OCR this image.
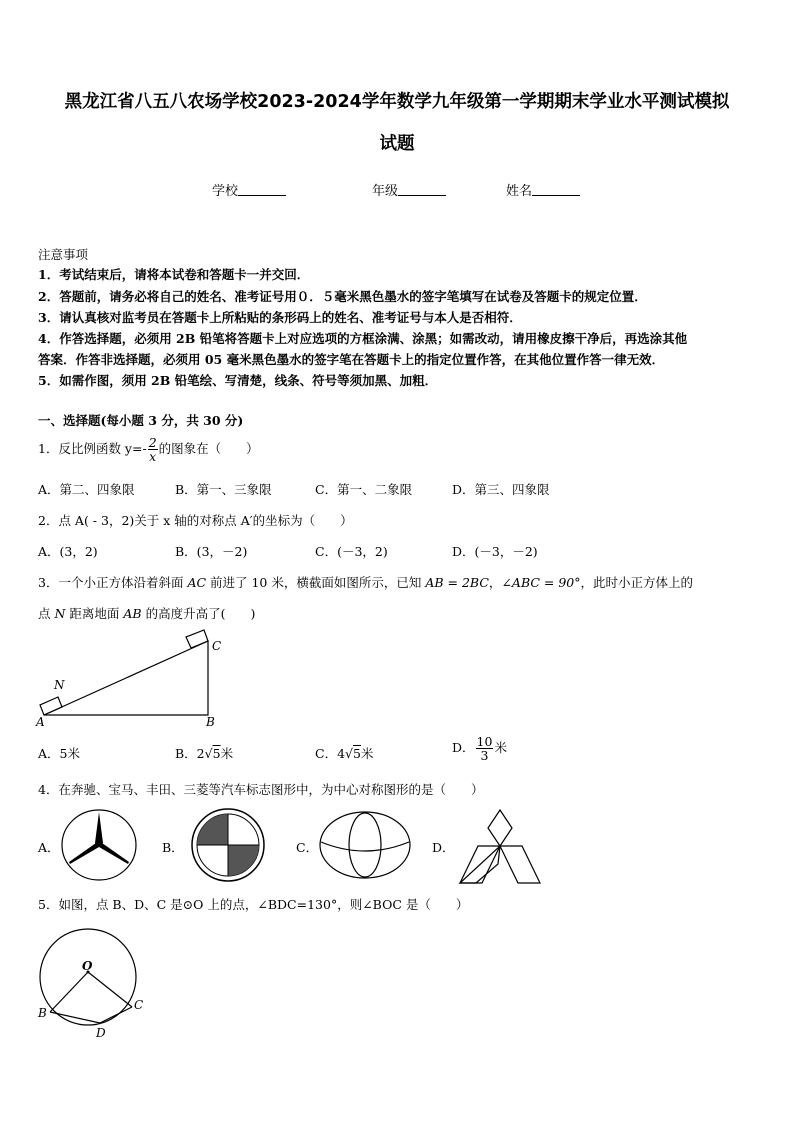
黑龙江省八五八农场学校2023-2024学年数学九年级第一学期期末学业水平测试模拟
试题
学校	年级	姓名
注意事项
1．考试结束后，请将本试卷和答题卡一并交回．
2．答题前，请务必将自己的姓名、准考证号用０．５毫米黑色墨水的签字笔填写在试卷及答题卡的规定位置．
3．请认真核对监考员在答题卡上所粘贴的条形码上的姓名、准考证号与本人是否相符．
4．作答选择题，必须用 2B 铅笔将答题卡上对应选项的方框涂满、涂黑；如需改动，请用橡皮擦干净后，再选涂其他
答案．作答非选择题，必须用 05 毫米黑色墨水的签字笔在答题卡上的指定位置作答，在其他位置作答一律无效．
5．如需作图，须用 2B 铅笔绘、写清楚，线条、符号等须加黑、加粗．
一、选择题(每小题 3 分，共 30 分)
1．反比例函数 $y=- \frac{2}{x}$ 的图象在（　　）
A．第二、四象限	B．第一、三象限	C．第一、二象限	D．第三、四象限
2．点 A( - 3，2)关于 x 轴的对称点 A′的坐标为（　　）
A．(3，2)	B．(3，－2)	C．(－3，2)	D．(－3，－2)
3．一个小正方体沿着斜面 AC 前进了 10 米，横截面如图所示，已知 AB = 2BC，∠ABC = 90°，此时小正方体上的
点 N 距离地面 AB 的高度升高了(　　)
A	B
C
N
A．5米	B．2√5米	C．4√5米	D． $\frac{10}{3}$ 米
4．在奔驰、宝马、丰田、三菱等汽车标志图形中，为中心对称图形的是（　　）
A．	B．	C．	D．
5．如图，点 B、D、C 是⊙O 上的点，∠BDC=130°，则∠BOC 是（　　）
O
B
C
D
